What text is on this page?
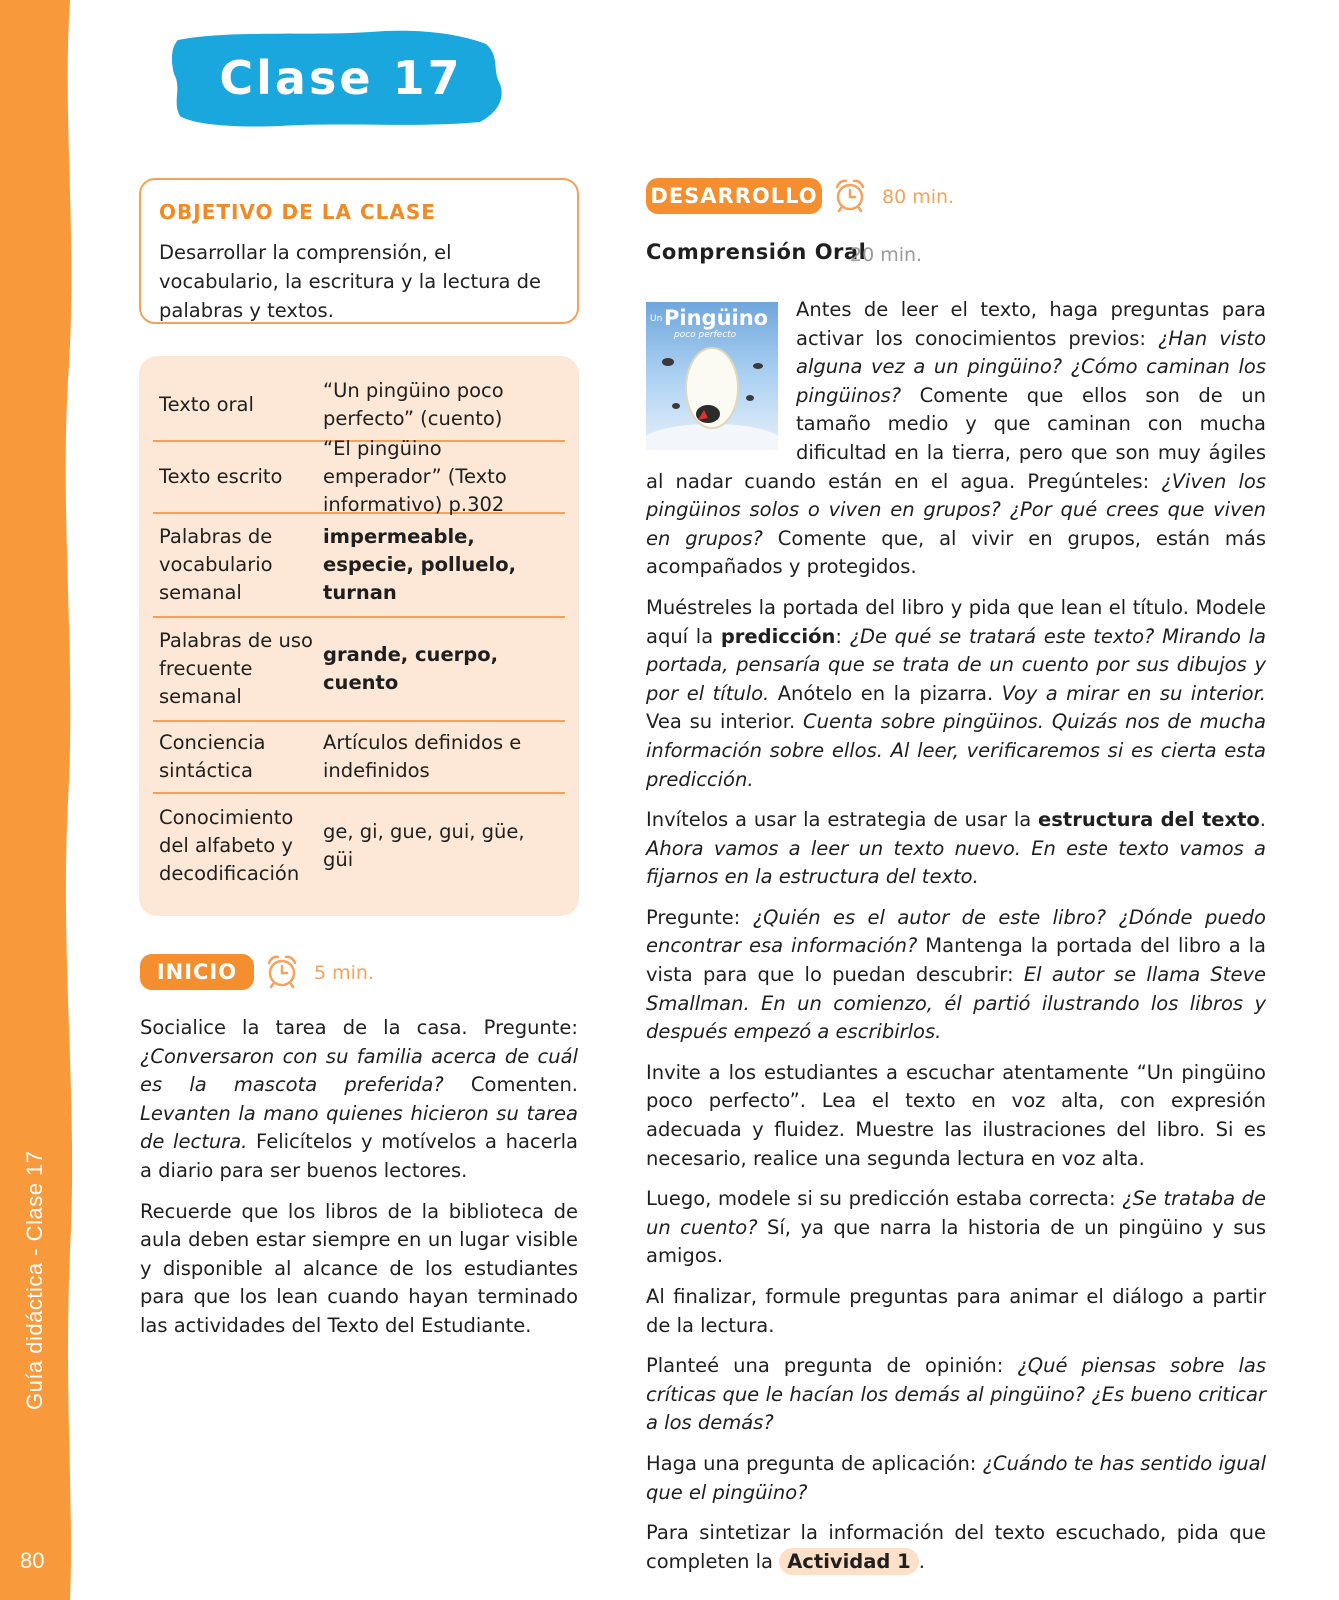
Guía didáctica - Clase 17
80
Clase 17
OBJETIVO DE LA CLASE
Desarrollar la comprensión, el vocabulario, la escritura y la lectura de palabras y textos.
Texto oral
“Un pingüino poco perfecto” (cuento)
Texto escrito
“El pingüino emperador” (Texto informativo) p.302
Palabras de vocabulario semanal
impermeable, especie, polluelo, turnan
Palabras de uso frecuente semanal
grande, cuerpo, cuento
Conciencia sintáctica
Artículos definidos e indefinidos
Conocimiento del alfabeto y decodificación
ge, gi, gue, gui, güe, güi
INICIO	5 min.

Socialice la tarea de la casa. Pregunte: ¿Conversaron con su familia acerca de cuál es la mascota preferida? Comenten. Levanten la mano quienes hicieron su tarea de lectura. Felicítelos y motívelos a hacerla a diario para ser buenos lectores.

Recuerde que los libros de la biblioteca de aula deben estar siempre en un lugar visible y disponible al alcance de los estudiantes para que los lean cuando hayan terminado las actividades del Texto del Estudiante.

DESARROLLO	80 min.
Comprensión Oral
20 min.
Un Pingüino
poco perfecto

Antes de leer el texto, haga preguntas para activar los conocimientos previos: ¿Han visto alguna vez a un pingüino? ¿Cómo caminan los pingüinos? Comente que ellos son de un tamaño medio y que caminan con mucha dificultad en la tierra, pero que son muy ágiles al nadar cuando están en el agua. Pregúnteles: ¿Viven los pingüinos solos o viven en grupos? ¿Por qué crees que viven en grupos? Comente que, al vivir en grupos, están más acompañados y protegidos.

Muéstreles la portada del libro y pida que lean el título. Modele aquí la predicción: ¿De qué se tratará este texto? Mirando la portada, pensaría que se trata de un cuento por sus dibujos y por el título. Anótelo en la pizarra. Voy a mirar en su interior. Vea su interior. Cuenta sobre pingüinos. Quizás nos de mucha información sobre ellos. Al leer, verificaremos si es cierta esta predicción.

Invítelos a usar la estrategia de usar la estructura del texto. Ahora vamos a leer un texto nuevo. En este texto vamos a fijarnos en la estructura del texto.

Pregunte: ¿Quién es el autor de este libro? ¿Dónde puedo encontrar esa información? Mantenga la portada del libro a la vista para que lo puedan descubrir: El autor se llama Steve Smallman. En un comienzo, él partió ilustrando los libros y después empezó a escribirlos.

Invite a los estudiantes a escuchar atentamente “Un pingüino poco perfecto”. Lea el texto en voz alta, con expresión adecuada y fluidez. Muestre las ilustraciones del libro. Si es necesario, realice una segunda lectura en voz alta.

Luego, modele si su predicción estaba correcta: ¿Se trataba de un cuento? Sí, ya que narra la historia de un pingüino y sus amigos.

Al finalizar, formule preguntas para animar el diálogo a partir de la lectura.

Planteé una pregunta de opinión: ¿Qué piensas sobre las críticas que le hacían los demás al pingüino? ¿Es bueno criticar a los demás?

Haga una pregunta de aplicación: ¿Cuándo te has sentido igual que el pingüino?

Para sintetizar la información del texto escuchado, pida que completen la Actividad 1 .
